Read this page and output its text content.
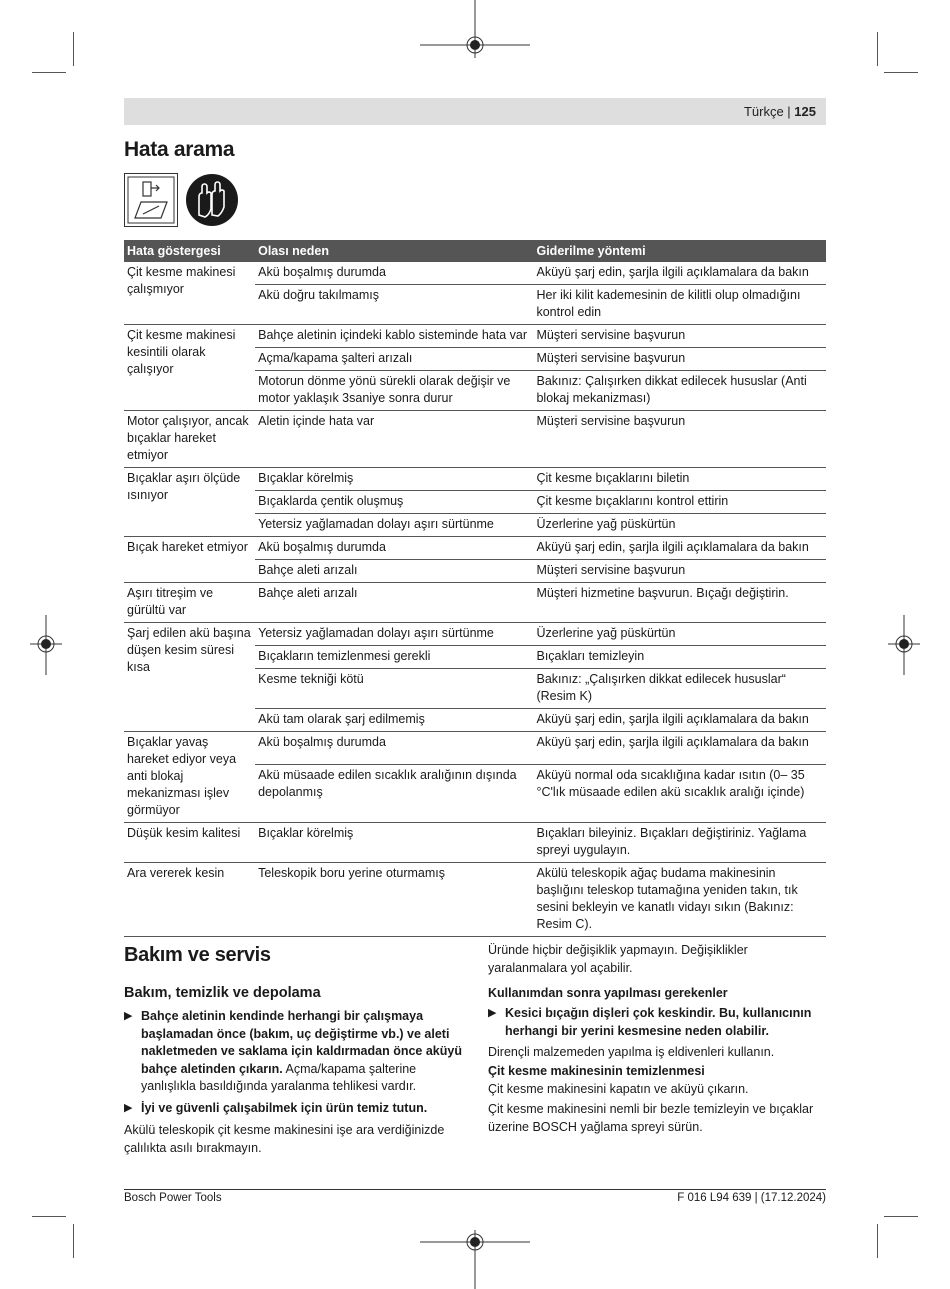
Türkçe | 125
Hata arama
Hata göstergesi	Olası neden	Giderilme yöntemi
Çit kesme makinesi çalışmıyor	Akü boşalmış durumda	Aküyü şarj edin, şarjla ilgili açıklamalara da bakın
	Akü doğru takılmamış	Her iki kilit kademesinin de kilitli olup olmadığını kontrol edin
Çit kesme makinesi kesintili olarak çalışıyor	Bahçe aletinin içindeki kablo sisteminde hata var	Müşteri servisine başvurun
	Açma/kapama şalteri arızalı	Müşteri servisine başvurun
	Motorun dönme yönü sürekli olarak değişir ve motor yaklaşık 3saniye sonra durur	Bakınız: Çalışırken dikkat edilecek hususlar (Anti blokaj mekanizması)
Motor çalışıyor, ancak bıçaklar hareket etmiyor	Aletin içinde hata var	Müşteri servisine başvurun
Bıçaklar aşırı ölçüde ısınıyor	Bıçaklar körelmiş	Çit kesme bıçaklarını biletin
	Bıçaklarda çentik oluşmuş	Çit kesme bıçaklarını kontrol ettirin
	Yetersiz yağlamadan dolayı aşırı sürtünme	Üzerlerine yağ püskürtün
Bıçak hareket etmiyor	Akü boşalmış durumda	Aküyü şarj edin, şarjla ilgili açıklamalara da bakın
	Bahçe aleti arızalı	Müşteri servisine başvurun
Aşırı titreşim ve gürültü var	Bahçe aleti arızalı	Müşteri hizmetine başvurun. Bıçağı değiştirin.
Şarj edilen akü başına düşen kesim süresi kısa	Yetersiz yağlamadan dolayı aşırı sürtünme	Üzerlerine yağ püskürtün
	Bıçakların temizlenmesi gerekli	Bıçakları temizleyin
	Kesme tekniği kötü	Bakınız: „Çalışırken dikkat edilecek hususlar“ (Resim K)
	Akü tam olarak şarj edilmemiş	Aküyü şarj edin, şarjla ilgili açıklamalara da bakın
Bıçaklar yavaş hareket ediyor veya anti blokaj mekanizması işlev görmüyor	Akü boşalmış durumda	Aküyü şarj edin, şarjla ilgili açıklamalara da bakın
	Akü müsaade edilen sıcaklık aralığının dışında depolanmış	Aküyü normal oda sıcaklığına kadar ısıtın (0– 35 °C'lık müsaade edilen akü sıcaklık aralığı içinde)
Düşük kesim kalitesi	Bıçaklar körelmiş	Bıçakları bileyiniz. Bıçakları değiştiriniz. Yağlama spreyi uygulayın.
Ara vererek kesin	Teleskopik boru yerine oturmamış	Akülü teleskopik ağaç budama makinesinin başlığını teleskop tutamağına yeniden takın, tık sesini bekleyin ve kanatlı vidayı sıkın (Bakınız: Resim C).
Bakım ve servis
Bakım, temizlik ve depolama
▶ Bahçe aletinin kendinde herhangi bir çalışmaya başlamadan önce (bakım, uç değiştirme vb.) ve aleti nakletmeden ve saklama için kaldırmadan önce aküyü bahçe aletinden çıkarın. Açma/kapama şalterine yanlışlıkla basıldığında yaralanma tehlikesi vardır.
▶ İyi ve güvenli çalışabilmek için ürün temiz tutun.
Akülü teleskopik çit kesme makinesini işe ara verdiğinizde çalılıkta asılı bırakmayın.
Üründe hiçbir değişiklik yapmayın. Değişiklikler yaralanmalara yol açabilir.
Kullanımdan sonra yapılması gerekenler
▶ Kesici bıçağın dişleri çok keskindir. Bu, kullanıcının herhangi bir yerini kesmesine neden olabilir.
Dirençli malzemeden yapılma iş eldivenleri kullanın.
Çit kesme makinesinin temizlenmesi
Çit kesme makinesini kapatın ve aküyü çıkarın.
Çit kesme makinesini nemli bir bezle temizleyin ve bıçaklar üzerine BOSCH yağlama spreyi sürün.
Bosch Power Tools	F 016 L94 639 | (17.12.2024)
